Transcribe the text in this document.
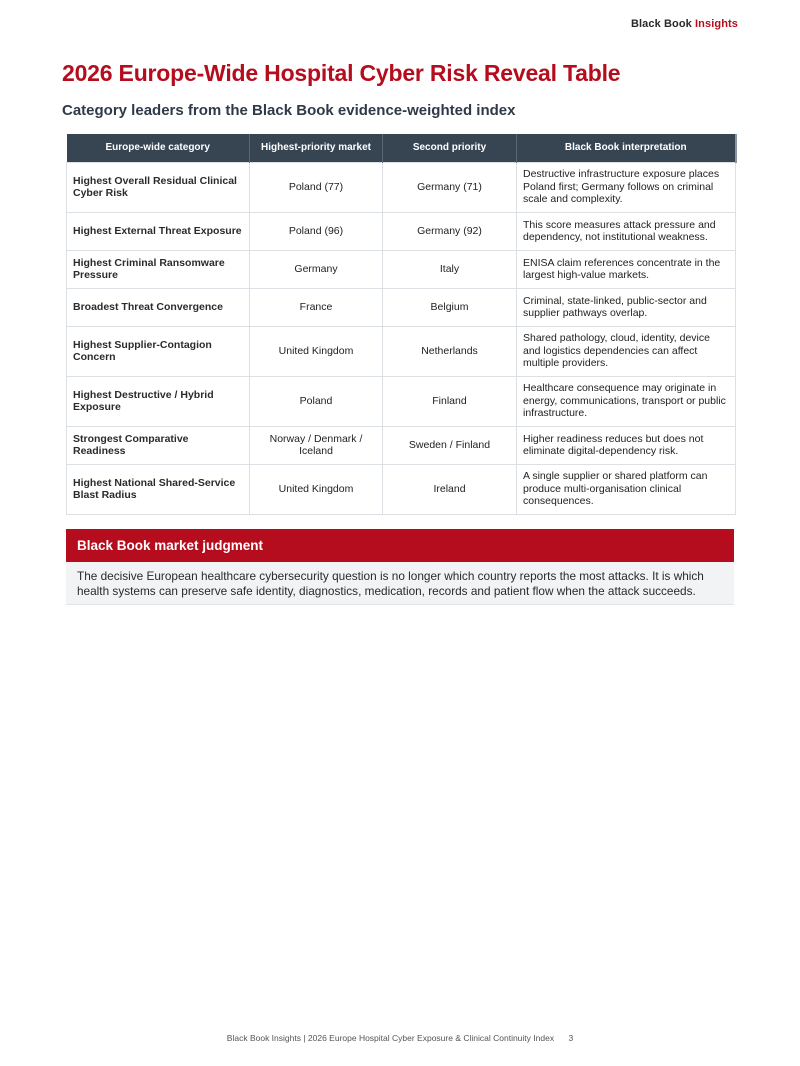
Black Book Insights
2026 Europe-Wide Hospital Cyber Risk Reveal Table
Category leaders from the Black Book evidence-weighted index
Europe-wide category	Highest-priority market	Second priority	Black Book interpretation
Highest Overall Residual Clinical Cyber Risk	Poland (77)	Germany (71)	Destructive infrastructure exposure places Poland first; Germany follows on criminal scale and complexity.
Highest External Threat Exposure	Poland (96)	Germany (92)	This score measures attack pressure and dependency, not institutional weakness.
Highest Criminal Ransomware Pressure	Germany	Italy	ENISA claim references concentrate in the largest high-value markets.
Broadest Threat Convergence	France	Belgium	Criminal, state-linked, public-sector and supplier pathways overlap.
Highest Supplier-Contagion Concern	United Kingdom	Netherlands	Shared pathology, cloud, identity, device and logistics dependencies can affect multiple providers.
Highest Destructive / Hybrid Exposure	Poland	Finland	Healthcare consequence may originate in energy, communications, transport or public infrastructure.
Strongest Comparative Readiness	Norway / Denmark / Iceland	Sweden / Finland	Higher readiness reduces but does not eliminate digital-dependency risk.
Highest National Shared-Service Blast Radius	United Kingdom	Ireland	A single supplier or shared platform can produce multi-organisation clinical consequences.
Black Book market judgment
The decisive European healthcare cybersecurity question is no longer which country reports the most attacks. It is which health systems can preserve safe identity, diagnostics, medication, records and patient flow when the attack succeeds.
Black Book Insights | 2026 Europe Hospital Cyber Exposure & Clinical Continuity Index 3
